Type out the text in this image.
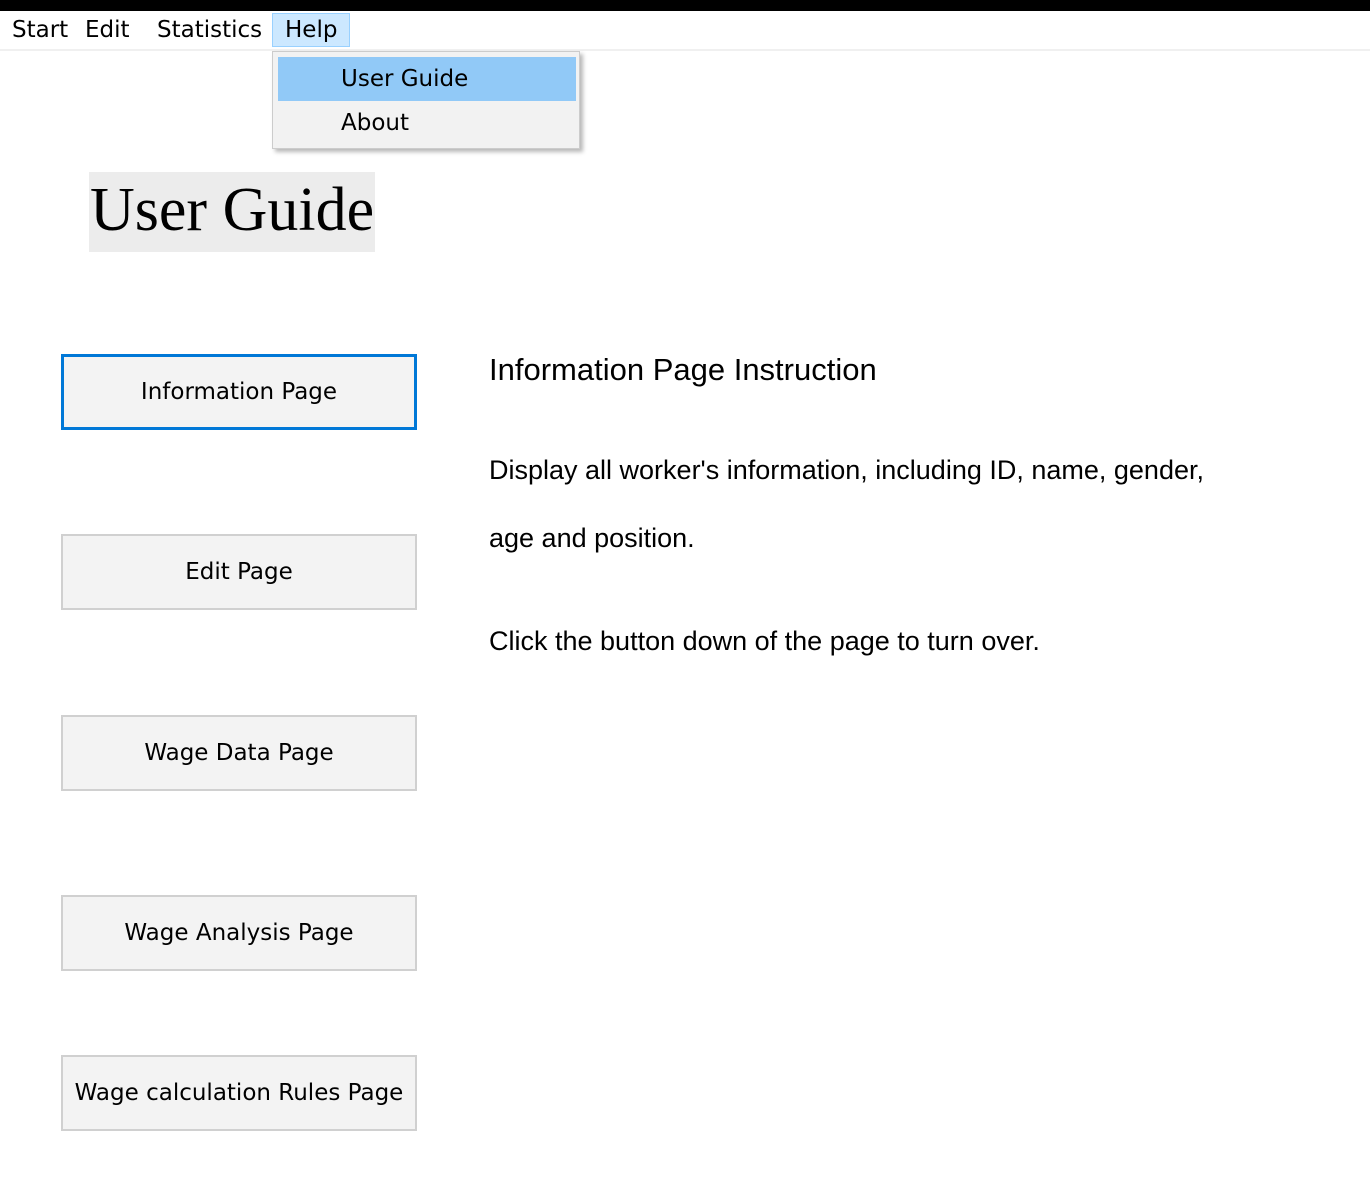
Start Edit	Statistics Help
User Guide
About
User Guide
Information Page
Edit Page
Wage Data Page
Wage Analysis Page
Wage calculation Rules Page
Information Page Instruction
Display all worker's information, including ID, name, gender,
age and position.
Click the button down of the page to turn over.
